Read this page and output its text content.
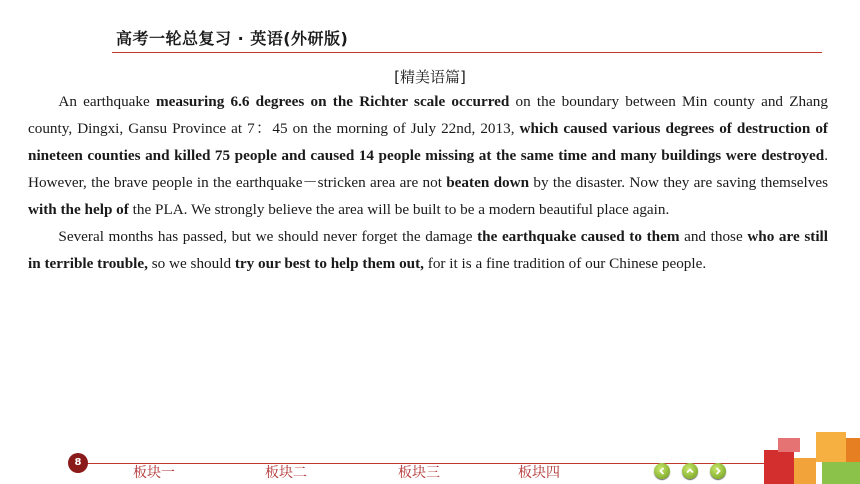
高考一轮总复习 · 英语(外研版)
[精美语篇]

An earthquake measuring 6.6 degrees on the Richter scale occurred on the boundary between Min county and Zhang county, Dingxi, Gansu Province at 7：45 on the morning of July 22nd, 2013, which caused various degrees of destruction of nineteen counties and killed 75 people and caused 14 people missing at the same time and many buildings were destroyed. However, the brave people in the earthquake－stricken area are not beaten down by the disaster. Now they are saving themselves with the help of the PLA. We strongly believe the area will be built to be a modern beautiful place again.

Several months has passed, but we should never forget the damage the earthquake caused to them and those who are still in terrible trouble, so we should try our best to help them out, for it is a fine tradition of our Chinese people.

8
板块一	板块二	板块三	板块四
